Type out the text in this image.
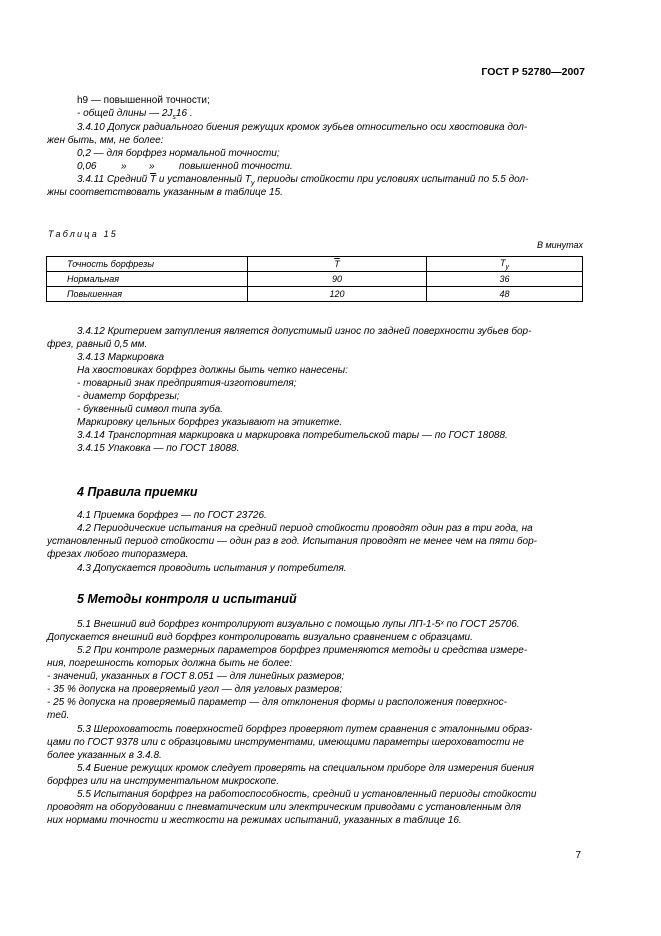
ГОСТ Р 52780—2007
h9 — повышенной точности;
- общей длины — $2J_s16$ .
3.4.10 Допуск радиального биения режущих кромок зубьев относительно оси хвостовика дол-
жен быть, мм, не более:
0,2 — для борфрез нормальной точности;
0,06 » » повышенной точности.
3.4.11 Средний $\overline{T}$ и установленный $T_у$ периоды стойкости при условиях испытаний по 5.5 дол-
жны соответствовать указанным в таблице 15.
Таблица 15
В минутах
Точность борфрезы	$\overline{T}$	$T_у$
Нормальная	90	36
Повышенная	120	48
3.4.12 Критерием затупления является допустимый износ по задней поверхности зубьев бор-
фрез, равный 0,5 мм.
3.4.13 Маркировка
На хвостовиках борфрез должны быть четко нанесены:
- товарный знак предприятия-изготовителя;
- диаметр борфрезы;
- буквенный символ типа зуба.
Маркировку цельных борфрез указывают на этикетке.
3.4.14 Транспортная маркировка и маркировка потребительской тары — по ГОСТ 18088.
3.4.15 Упаковка — по ГОСТ 18088.
4 Правила приемки
4.1 Приемка борфрез — по ГОСТ 23726.
4.2 Периодические испытания на средний период стойкости проводят один раз в три года, на
установленный период стойкости — один раз в год. Испытания проводят не менее чем на пяти бор-
фрезах любого типоразмера.
4.3 Допускается проводить испытания у потребителя.
5 Методы контроля и испытаний
5.1 Внешний вид борфрез контролируют визуально с помощью лупы ЛП-1-5ˣ по ГОСТ 25706.
Допускается внешний вид борфрез контролировать визуально сравнением с образцами.
5.2 При контроле размерных параметров борфрез применяются методы и средства измере-
ния, погрешность которых должна быть не более:
- значений, указанных в ГОСТ 8.051 — для линейных размеров;
- 35 % допуска на проверяемый угол — для угловых размеров;
- 25 % допуска на проверяемый параметр — для отклонения формы и расположения поверхнос-
тей.
5.3 Шероховатость поверхностей борфрез проверяют путем сравнения с эталонными образ-
цами по ГОСТ 9378 или с образцовыми инструментами, имеющими параметры шероховатости не
более указанных в 3.4.8.
5.4 Биение режущих кромок следует проверять на специальном приборе для измерения биения
борфрез или на инструментальном микроскопе.
5.5 Испытания борфрез на работоспособность, средний и установленный периоды стойкости
проводят на оборудовании с пневматическим или электрическим приводами с установленным для
них нормами точности и жесткости на режимах испытаний, указанных в таблице 16.
7
